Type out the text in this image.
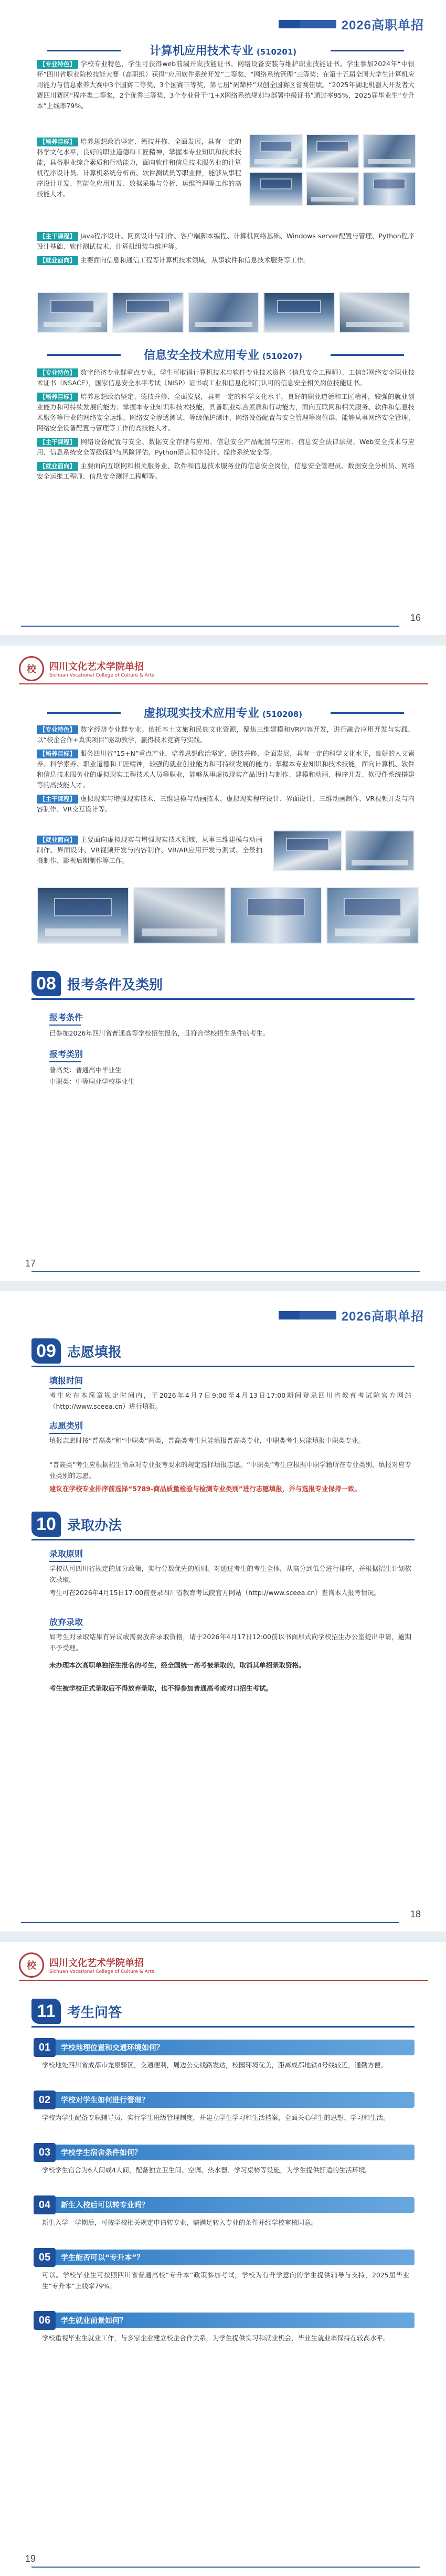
2026高职单招
计算机应用技术专业 (510201)
【专业特色】 学校专业特色，学生可获得web前端开发技能证书、网络设备安装与维护职业技能证书。学生参加2024年“中银杯”四川省职业院校技能大赛（高职组）获得“应用软件系统开发”二等奖、“网络系统管理”三等奖；在第十五届全国大学生计算机应用能力与信息素养大赛中3个国赛二等奖、3个国赛三等奖，第七届“码蹄杯”双创全国赛区省赛佳绩。“2025年湖北机器人开发者大赛四川赛区”程序类二等奖，2个优秀三等奖，3个专业骨干“1+X网络系统规划与部署中级证书”通过率95%，2025届毕业生“专升本”上线率79%。
【培养目标】 培养思想政治坚定、德技并修、全面发展，具有一定的科学文化水平，良好的职业道德和工匠精神，掌握本专业知识和技术技能，具备职业综合素质和行动能力，面向软件和信息技术服务业的计算机程序设计员、计算机系统分析员、软件测试员等职业群，能够从事程序设计开发、智能化应用开发、数据采集与分析、运维管理等工作的高技能人才。
【主干课程】 Java程序设计、网页设计与制作、客户端脚本编程、计算机网络基础、Windows server配置与管理、Python程序设计基础、软件测试技术、计算机组装与维护等。
【就业面向】 主要面向信息和通信工程等计算机技术领域，从事软件和信息技术服务等工作。
信息安全技术应用专业 (510207)
【专业特色】 数字经济专业群重点专业，学生可取得计算机技术与软件专业技术资格（信息安全工程师）、工信部网络安全职业技术证书（NSACE），国家信息安全水平考试（NISP）证书或工业和信息化部门认可的信息安全相关岗位技能证书。
【培养目标】 培养思想政治坚定、德技并修、全面发展，具有一定的科学文化水平，良好的职业道德和工匠精神，较强的就业创业能力和可持续发展的能力；掌握本专业知识和技术技能，具备职业综合素质和行动能力，面向互联网和相关服务、软件和信息技术服务等行业的网络安全运维、网络安全渗透测试、等级保护测评、网络设备配置与安全管理等岗位群，能够从事网络安全管理、网络安全设备配置与管理等工作的高技能人才。
【主干课程】 网络设备配置与安全、数据安全存储与应用、信息安全产品配置与应用、信息安全法律法规、Web安全技术与应用、信息系统安全等级保护与风险评估、Python语言程序设计、操作系统安全等。
【就业面向】 主要面向互联网和相关服务业、软件和信息技术服务业的信息安全岗位，信息安全管理员、数据安全分析员、网络安全运维工程师、信息安全测评工程师等。
16
校	四川文化艺术学院单招
Sichuan Vocational College of Culture & Arts
虚拟现实技术应用专业 (510208)
【专业特色】 数字经济专业群专业。依托本土文旅和民族文化资源，聚焦三维建模和VR内容开发，进行融合应用开发与实践，以“校企合作+真实项目”驱动教学，赢得技术竞赛与实践。
【培养目标】 服务四川省“15+N”重点产业，培养思想政治坚定、德技并修、全面发展，具有一定的科学文化水平，良好的人文素养、科学素养、职业道德和工匠精神，较强的就业创业能力和可持续发展的能力；掌握本专业知识和技术技能，面向计算机、软件和信息技术服务业的虚拟现实工程技术人员等职业，能够从事虚拟现实产品设计与制作、建模和动画、程序开发、软硬件系统搭建等的高技能人才。
【主干课程】 虚拟现实与增强现实技术、三维建模与动画技术、虚拟现实程序设计、界面设计、三维动画制作、VR视频开发与内容制作、VR交互设计等。
【就业面向】 主要面向虚拟现实与增强现实技术领域，从事三维建模与动画制作、界面设计、VR视频开发与内容制作、VR/AR应用开发与测试、全景拍摄制作、影视后期制作等工作。
08 报考条件及类别
报考条件
已参加2026年四川省普通高等学校招生报名，且符合学校招生条件的考生。
报考类别
普高类：普通高中毕业生
中职类：中等职业学校毕业生
17
2026高职单招
09 志愿填报
填报时间
考生应在本简章规定时间内，于2026年4月7日9:00至4月13日17:00期间登录四川省教育考试院官方网站（http://www.sceea.cn）进行填报。
志愿类别
填报志愿时按“普高类”和“中职类”两类，普高类考生只能填报普高类专业，中职类考生只能填报中职类专业。
“普高类”考生应根据招生简章对专业报考要求的规定选择填报志愿。“中职类”考生应根据中职学籍所在专业类别，填报对应专业类别的志愿。
建议在学校专业排序前选择“5789-商品质量检验与检测专业类别”进行志愿填报，并与选报专业保持一致。
10 录取办法
录取原则
学校认可四川省规定的加分政策，实行分数优先的原则。对通过考生的考生全体，从高分到低分进行排序，并根据招生计划依次录取。
考生可在2026年4月15日17:00前登录四川省教育考试院官方网站（http://www.sceea.cn）查询本人报考情况。
放弃录取
如考生对录取结果有异议或需要放弃录取资格，请于2026年4月17日12:00前以书面形式向学校招生办公室提出申请，逾期不予受理。
未办理本次高职单独招生报名的考生，经全国统一高考被录取的，取消其单招录取资格。
考生被学校正式录取后不得放弃录取，也不得参加普通高考或对口招生考试。
18
校	四川文化艺术学院单招
Sichuan Vocational College of Culture & Arts
11 考生问答
01	学校地理位置和交通环境如何？
学校地处四川省成都市龙泉驿区，交通便利，周边公交线路发达，校园环境优美，距离成都地铁4号线较近，通勤方便。
02	学校对学生如何进行管理？
学校为学生配备专职辅导员，实行学生班级管理制度，并建立学生学习和生活档案，全面关心学生的思想、学习和生活。
03	学校学生宿舍条件如何？
学校学生宿舍为6人间或4人间，配备独立卫生间、空调、热水器、学习桌椅等设施，为学生提供舒适的生活环境。
04	新生入校后可以转专业吗？
新生入学一学期后，可按学校相关规定申请转专业，需满足转入专业的条件并经学校审核同意。
05	学生能否可以“专升本”？
可以。学校毕业生可按照四川省普通高校“专升本”政策参加考试，学校为有升学意向的学生提供辅导与支持，2025届毕业生“专升本”上线率79%。
06	学生就业前景如何？
学校重视毕业生就业工作，与多家企业建立校企合作关系，为学生提供实习和就业机会，毕业生就业率保持在较高水平。
19
